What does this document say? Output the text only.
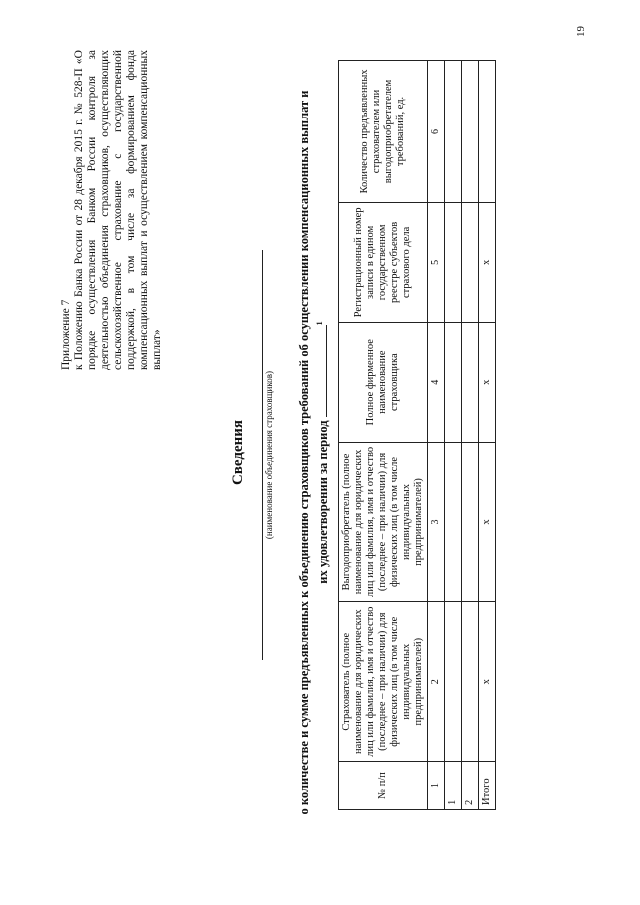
Приложение 7 к Положению Банка России от 28 декабря 2015 г. № 528-П «О порядке осуществления Банком России контроля за деятельностью объединения страховщиков, осуществляющих сельскохозяйственное страхование с государственной поддержкой, в том числе за формированием фонда компенсационных выплат и осуществлением компенсационных выплат»
Сведения (наименование объединения страховщиков) о количестве и сумме предъявленных к объединению страховщиков требований об осуществлении компенсационных выплат и их удовлетворении за период $^1$
№ п/п	Страхователь (полное наименование для юридических лиц или фамилия, имя и отчество (последнее – при наличии) для физических лиц (в том числе индивидуальных предпринимателей)	Выгодоприобретатель (полное наименование для юридических лиц или фамилия, имя и отчество (последнее – при наличии) для физических лиц (в том числе индивидуальных предпринимателей)	Полное фирменное наименование страховщика	Регистрационный номер записи в едином государственном реестре субъектов страхового дела	Количество предъявленных страхователем или выгодоприобретателем требований, ед.
1	2	3	4	5	6
1					
2					
Итого	х	х	х	х	
19
